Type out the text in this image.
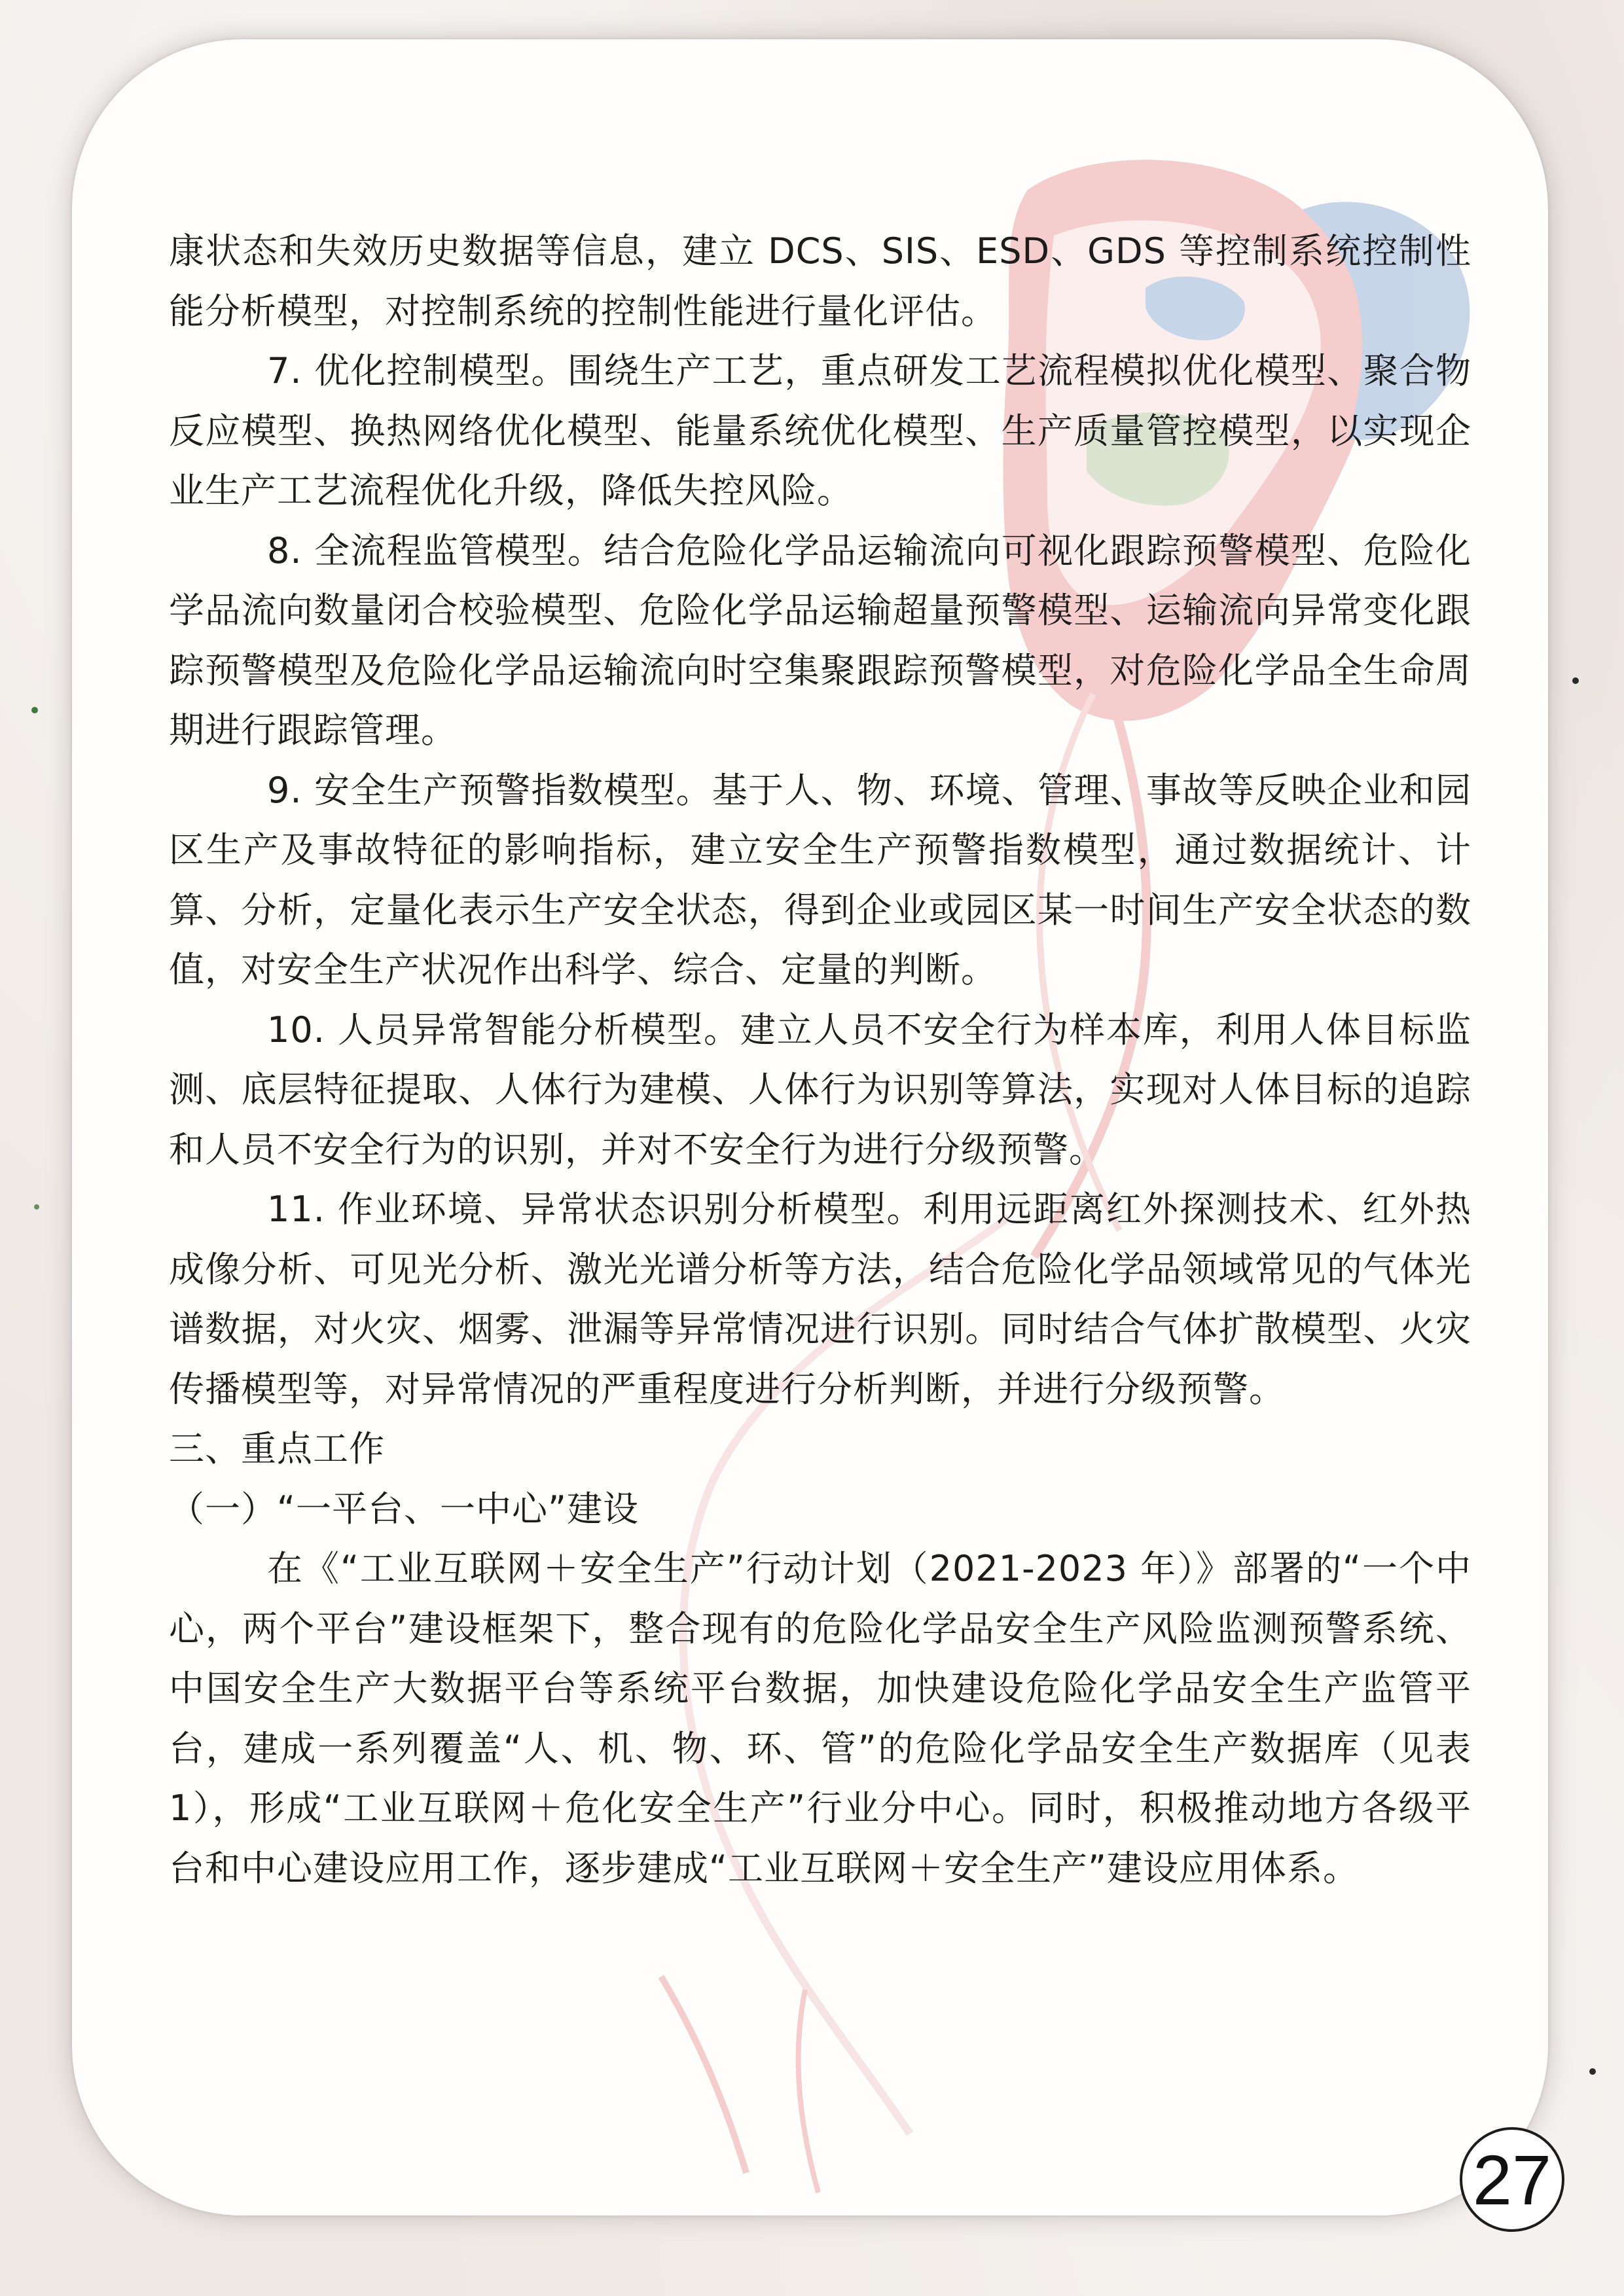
康状态和失效历史数据等信息，建立 DCS、SIS、ESD、GDS 等控制系统控制性能分析模型，对控制系统的控制性能进行量化评估。

7. 优化控制模型。围绕生产工艺，重点研发工艺流程模拟优化模型、聚合物反应模型、换热网络优化模型、能量系统优化模型、生产质量管控模型，以实现企业生产工艺流程优化升级，降低失控风险。

8. 全流程监管模型。结合危险化学品运输流向可视化跟踪预警模型、危险化学品流向数量闭合校验模型、危险化学品运输超量预警模型、运输流向异常变化跟踪预警模型及危险化学品运输流向时空集聚跟踪预警模型，对危险化学品全生命周期进行跟踪管理。

9. 安全生产预警指数模型。基于人、物、环境、管理、事故等反映企业和园区生产及事故特征的影响指标，建立安全生产预警指数模型，通过数据统计、计算、分析，定量化表示生产安全状态，得到企业或园区某一时间生产安全状态的数值，对安全生产状况作出科学、综合、定量的判断。

10. 人员异常智能分析模型。建立人员不安全行为样本库，利用人体目标监测、底层特征提取、人体行为建模、人体行为识别等算法，实现对人体目标的追踪和人员不安全行为的识别，并对不安全行为进行分级预警。

11. 作业环境、异常状态识别分析模型。利用远距离红外探测技术、红外热成像分析、可见光分析、激光光谱分析等方法，结合危险化学品领域常见的气体光谱数据，对火灾、烟雾、泄漏等异常情况进行识别。同时结合气体扩散模型、火灾传播模型等，对异常情况的严重程度进行分析判断，并进行分级预警。

三、重点工作

（一）“一平台、一中心”建设

在《“工业互联网＋安全生产”行动计划（2021-2023 年）》部署的“一个中心，两个平台”建设框架下，整合现有的危险化学品安全生产风险监测预警系统、中国安全生产大数据平台等系统平台数据，加快建设危险化学品安全生产监管平台，建成一系列覆盖“人、机、物、环、管”的危险化学品安全生产数据库（见表 1），形成“工业互联网＋危化安全生产”行业分中心。同时，积极推动地方各级平台和中心建设应用工作，逐步建成“工业互联网＋安全生产”建设应用体系。

27
